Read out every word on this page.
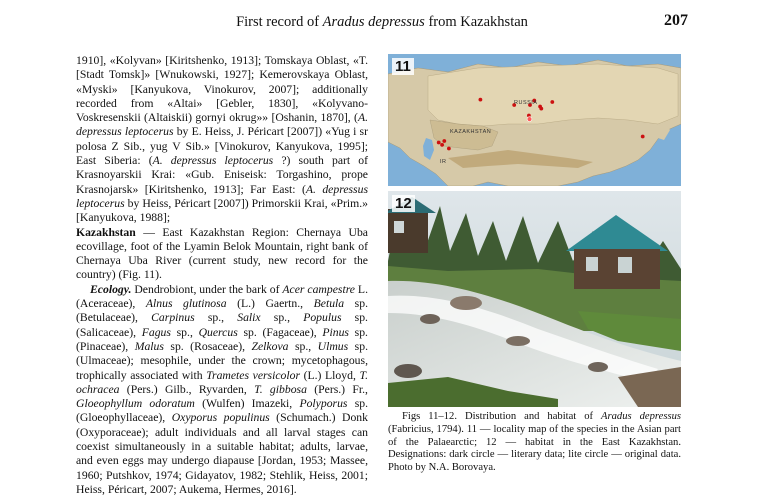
First record of Aradus depressus from Kazakhstan	207

1910], «Kolyvan» [Kiritshenko, 1913]; Tomskaya Oblast, «T. [Stadt Tomsk]» [Wnukowski, 1927]; Kemerovskaya Oblast, «Myski» [Kanyukova, Vinokurov, 2007]; additionally recorded from «Altai» [Gebler, 1830], «Kolyvano-Voskresenskii (Altaiskii) gornyi okrug»» [Oshanin, 1870], (A. depressus leptocerus by E. Heiss, J. Péricart [2007]) «Yug i sr polosa Z Sib., yug V Sib.» [Vinokurov, Kanyukova, 1995]; East Siberia: (A. depressus leptocerus ?) south part of Krasnoyarskii Krai: «Gub. Eniseisk: Torgashino, prope Krasnojarsk» [Kiritshenko, 1913]; Far East: (A. depressus leptocerus by Heiss, Péricart [2007]) Primorskii Krai, «Prim.» [Kanyukova, 1988];

Kazakhstan — East Kazakhstan Region: Chernaya Uba ecovillage, foot of the Lyamin Belok Mountain, right bank of Chernaya Uba River (current study, new record for the country) (Fig. 11).

Ecology. Dendrobiont, under the bark of Acer campestre L. (Aceraceae), Alnus glutinosa (L.) Gaertn., Betula sp. (Betulaceae), Carpinus sp., Salix sp., Populus sp. (Salicaceae), Fagus sp., Quercus sp. (Fagaceae), Pinus sp. (Pinaceae), Malus sp. (Rosaceae), Zelkova sp., Ulmus sp. (Ulmaceae); mesophile, under the crown; mycetophagous, trophically associated with Trametes versicolor (L.) Lloyd, T. ochracea (Pers.) Gilb., Ryvarden, T. gibbosa (Pers.) Fr., Gloeophyllum odoratum (Wulfen) Imazeki, Polyporus sp. (Gloeophyllaceae), Oxyporus populinus (Schumach.) Donk (Oxyporaceae); adult individuals and all larval stages can coexist simultaneously in a suitable habitat; adults, larvae, and even eggs may undergo diapause [Jordan, 1953; Massee, 1960; Putshkov, 1974; Gidayatov, 1982; Stehlik, Heiss, 2001; Heiss, Péricart, 2007; Aukema, Hermes, 2016].

11
RUSSIA
KAZAKHSTAN
IR
12

Figs 11–12. Distribution and habitat of Aradus depressus (Fabricius, 1794). 11 — locality map of the species in the Asian part of the Palaearctic; 12 — habitat in the East Kazakhstan. Designations: dark circle — literary data; lite circle — original data. Photo by N.A. Borovaya.
